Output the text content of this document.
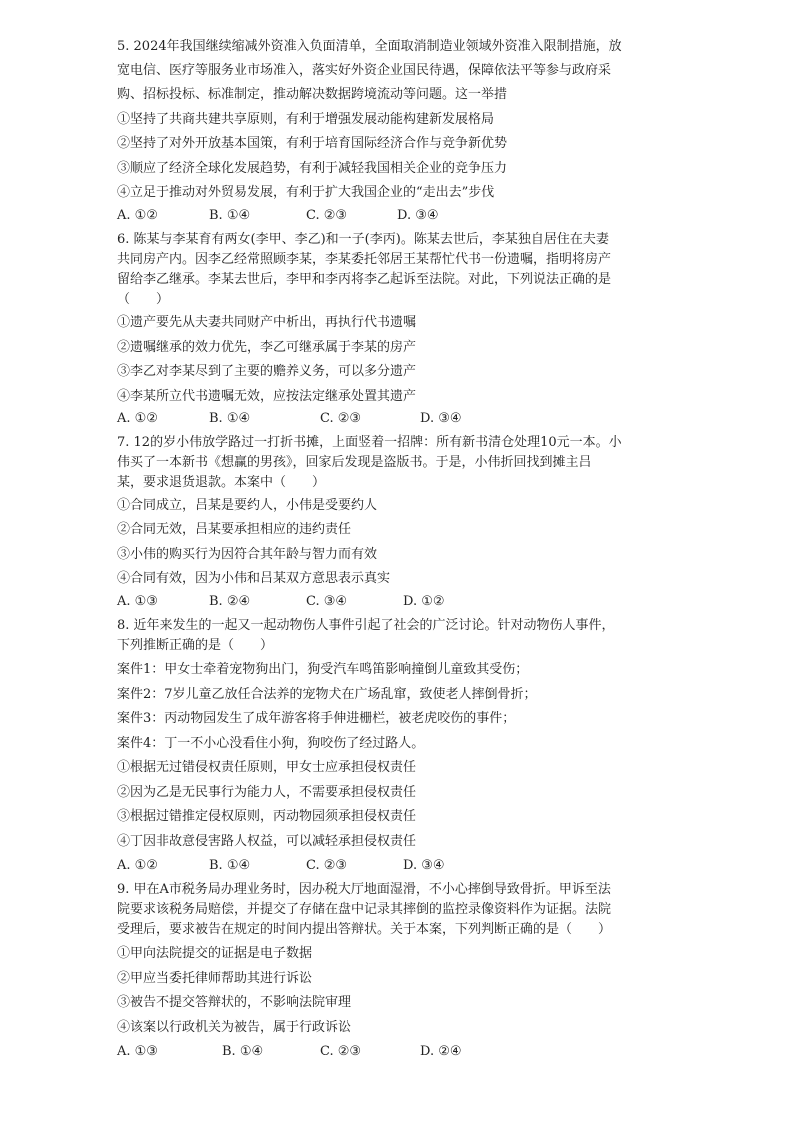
5. 2024年我国继续缩减外资准入负面清单，全面取消制造业领域外资准入限制措施，放
宽电信、医疗等服务业市场准入，落实好外资企业国民待遇，保障依法平等参与政府采
购、招标投标、标准制定，推动解决数据跨境流动等问题。这一举措
①坚持了共商共建共享原则，有利于增强发展动能构建新发展格局
②坚持了对外开放基本国策，有利于培育国际经济合作与竞争新优势
③顺应了经济全球化发展趋势，有利于减轻我国相关企业的竞争压力
④立足于推动对外贸易发展，有利于扩大我国企业的“走出去”步伐
A. ①②	B. ①④	C. ②③	D. ③④
6. 陈某与李某育有两女(李甲、李乙)和一子(李丙)。陈某去世后，李某独自居住在夫妻
共同房产内。因李乙经常照顾李某，李某委托邻居王某帮忙代书一份遗嘱，指明将房产
留给李乙继承。李某去世后，李甲和李丙将李乙起诉至法院。对此，下列说法正确的是
（　　）
①遗产要先从夫妻共同财产中析出，再执行代书遗嘱
②遗嘱继承的效力优先，李乙可继承属于李某的房产
③李乙对李某尽到了主要的赡养义务，可以多分遗产
④李某所立代书遗嘱无效，应按法定继承处置其遗产
A. ①②	B. ①④	C. ②③	D. ③④
7. 12的岁小伟放学路过一打折书摊，上面竖着一招牌：所有新书清仓处理10元一本。小
伟买了一本新书《想赢的男孩》，回家后发现是盗版书。于是，小伟折回找到摊主吕
某，要求退货退款。本案中（　　）
①合同成立，吕某是要约人，小伟是受要约人
②合同无效，吕某要承担相应的违约责任
③小伟的购买行为因符合其年龄与智力而有效
④合同有效，因为小伟和吕某双方意思表示真实
A. ①③	B. ②④	C. ③④	D. ①②
8. 近年来发生的一起又一起动物伤人事件引起了社会的广泛讨论。针对动物伤人事件，
下列推断正确的是（　　）
案件1：甲女士牵着宠物狗出门，狗受汽车鸣笛影响撞倒儿童致其受伤；
案件2：7岁儿童乙放任合法养的宠物犬在广场乱窜，致使老人摔倒骨折；
案件3：丙动物园发生了成年游客将手伸进栅栏，被老虎咬伤的事件；
案件4：丁一不小心没看住小狗，狗咬伤了经过路人。
①根据无过错侵权责任原则，甲女士应承担侵权责任
②因为乙是无民事行为能力人，不需要承担侵权责任
③根据过错推定侵权原则，丙动物园须承担侵权责任
④丁因非故意侵害路人权益，可以减轻承担侵权责任
A. ①②	B. ①④	C. ②③	D. ③④
9. 甲在A市税务局办理业务时，因办税大厅地面湿滑，不小心摔倒导致骨折。甲诉至法
院要求该税务局赔偿，并提交了存储在盘中记录其摔倒的监控录像资料作为证据。法院
受理后，要求被告在规定的时间内提出答辩状。关于本案，下列判断正确的是（　　）
①甲向法院提交的证据是电子数据
②甲应当委托律师帮助其进行诉讼
③被告不提交答辩状的，不影响法院审理
④该案以行政机关为被告，属于行政诉讼
A. ①③	B. ①④	C. ②③	D. ②④
